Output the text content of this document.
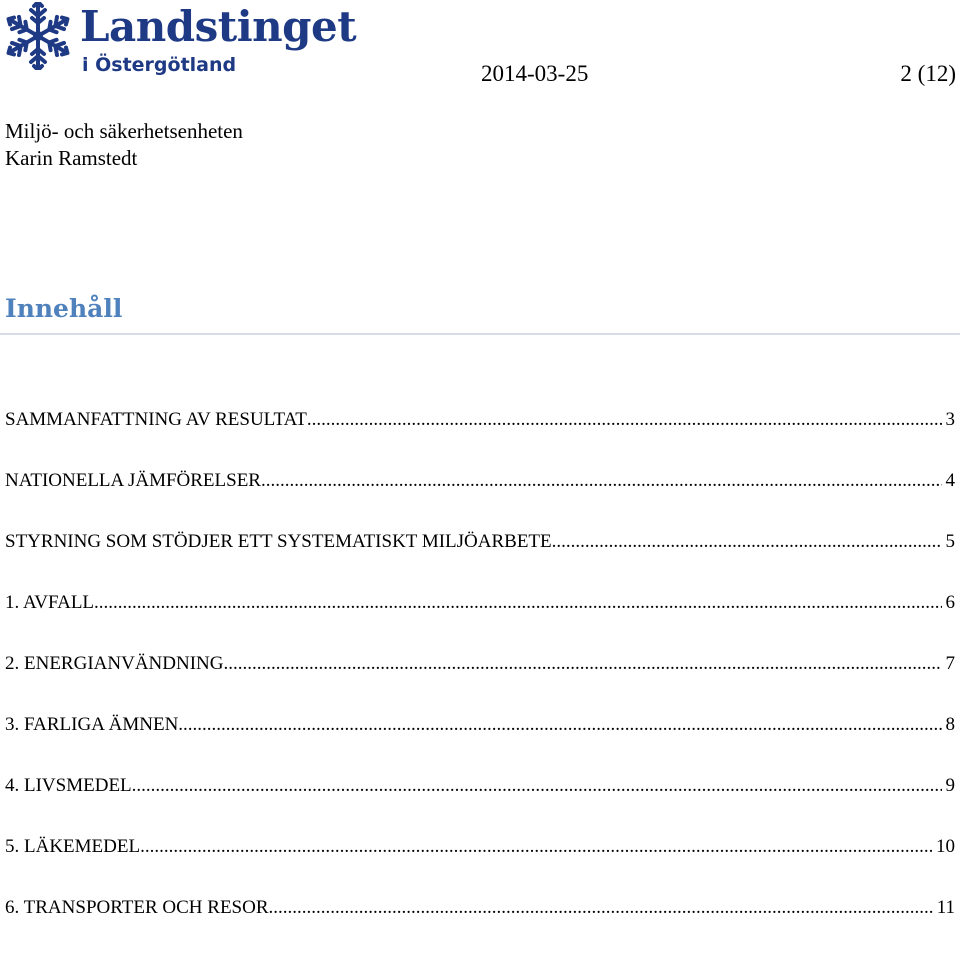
Landstinget
i Östergötland	2014-03-25	2 (12)
Miljö- och säkerhetsenheten
Karin Ramstedt
Innehåll
SAMMANFATTNING AV RESULTAT .....	3
NATIONELLA JÄMFÖRELSER .....	4
STYRNING SOM STÖDJER ETT SYSTEMATISKT MILJÖARBETE .....	5
1. AVFALL .....	6
2. ENERGIANVÄNDNING .....	7
3. FARLIGA ÄMNEN .....	8
4. LIVSMEDEL .....	9
5. LÄKEMEDEL .....	10
6. TRANSPORTER OCH RESOR .....	11
